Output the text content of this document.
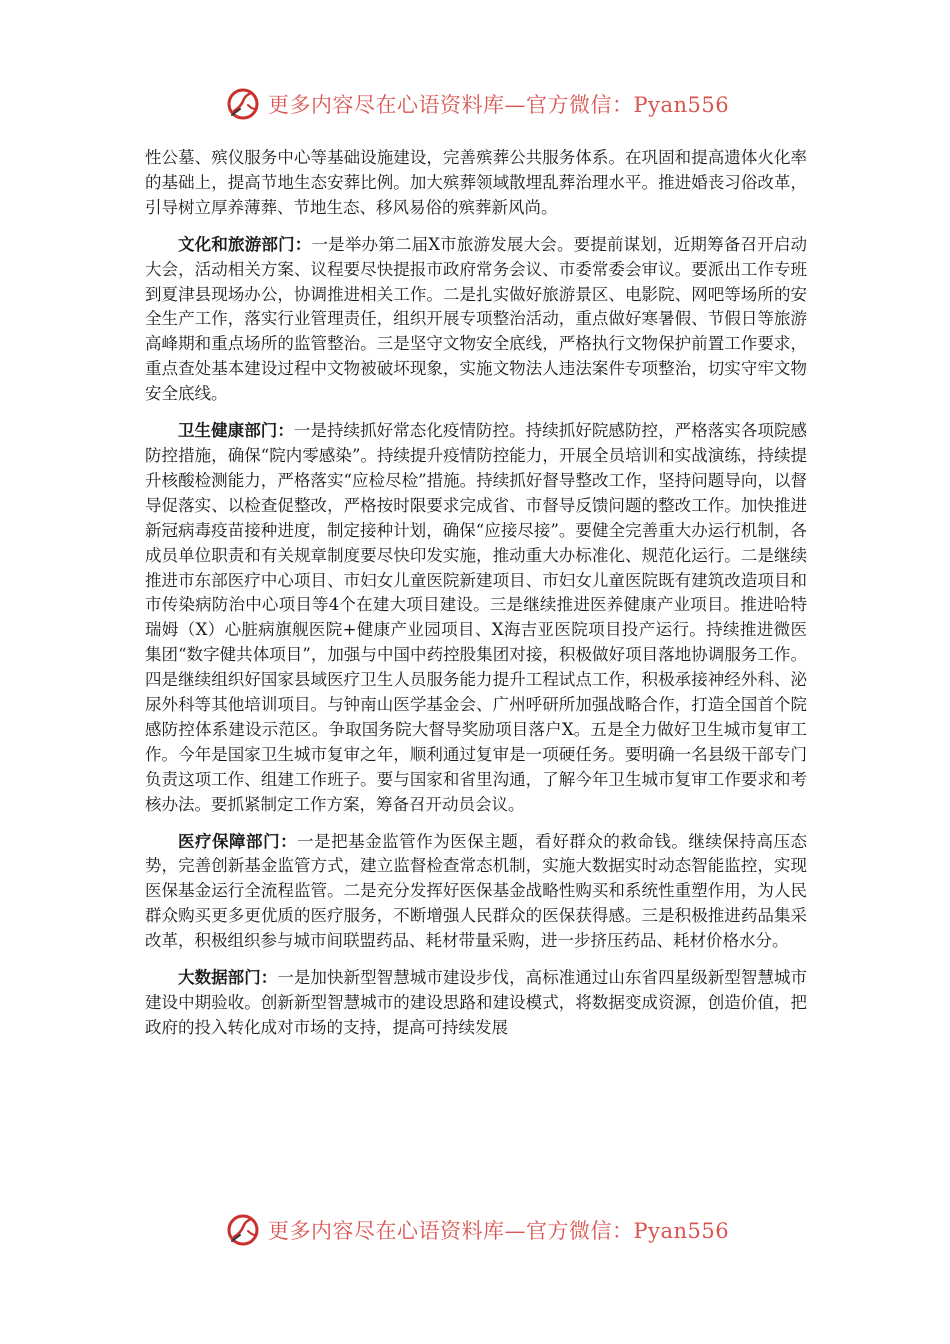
更多内容尽在心语资料库—官方微信：Pyan556

性公墓、殡仪服务中心等基础设施建设，完善殡葬公共服务体系。在巩固和提高遗体火化率的基础上，提高节地生态安葬比例。加大殡葬领域散埋乱葬治理水平。推进婚丧习俗改革，引导树立厚养薄葬、节地生态、移风易俗的殡葬新风尚。

文化和旅游部门：一是举办第二届X市旅游发展大会。要提前谋划，近期筹备召开启动大会，活动相关方案、议程要尽快提报市政府常务会议、市委常委会审议。要派出工作专班到夏津县现场办公，协调推进相关工作。二是扎实做好旅游景区、电影院、网吧等场所的安全生产工作，落实行业管理责任，组织开展专项整治活动，重点做好寒暑假、节假日等旅游高峰期和重点场所的监管整治。三是坚守文物安全底线，严格执行文物保护前置工作要求，重点查处基本建设过程中文物被破坏现象，实施文物法人违法案件专项整治，切实守牢文物安全底线。

卫生健康部门：一是持续抓好常态化疫情防控。持续抓好院感防控，严格落实各项院感防控措施，确保“院内零感染”。持续提升疫情防控能力，开展全员培训和实战演练，持续提升核酸检测能力，严格落实“应检尽检”措施。持续抓好督导整改工作，坚持问题导向，以督导促落实、以检查促整改，严格按时限要求完成省、市督导反馈问题的整改工作。加快推进新冠病毒疫苗接种进度，制定接种计划，确保“应接尽接”。要健全完善重大办运行机制，各成员单位职责和有关规章制度要尽快印发实施，推动重大办标准化、规范化运行。二是继续推进市东部医疗中心项目、市妇女儿童医院新建项目、市妇女儿童医院既有建筑改造项目和市传染病防治中心项目等4个在建大项目建设。三是继续推进医养健康产业项目。推进哈特瑞姆（X）心脏病旗舰医院+健康产业园项目、X海吉亚医院项目投产运行。持续推进微医集团“数字健共体项目”，加强与中国中药控股集团对接，积极做好项目落地协调服务工作。四是继续组织好国家县域医疗卫生人员服务能力提升工程试点工作，积极承接神经外科、泌尿外科等其他培训项目。与钟南山医学基金会、广州呼研所加强战略合作，打造全国首个院感防控体系建设示范区。争取国务院大督导奖励项目落户X。五是全力做好卫生城市复审工作。今年是国家卫生城市复审之年，顺利通过复审是一项硬任务。要明确一名县级干部专门负责这项工作、组建工作班子。要与国家和省里沟通，了解今年卫生城市复审工作要求和考核办法。要抓紧制定工作方案，筹备召开动员会议。

医疗保障部门：一是把基金监管作为医保主题，看好群众的救命钱。继续保持高压态势，完善创新基金监管方式，建立监督检查常态机制，实施大数据实时动态智能监控，实现医保基金运行全流程监管。二是充分发挥好医保基金战略性购买和系统性重塑作用，为人民群众购买更多更优质的医疗服务，不断增强人民群众的医保获得感。三是积极推进药品集采改革，积极组织参与城市间联盟药品、耗材带量采购，进一步挤压药品、耗材价格水分。

大数据部门：一是加快新型智慧城市建设步伐，高标准通过山东省四星级新型智慧城市建设中期验收。创新新型智慧城市的建设思路和建设模式，将数据变成资源，创造价值，把政府的投入转化成对市场的支持，提高可持续发展

更多内容尽在心语资料库—官方微信：Pyan556
